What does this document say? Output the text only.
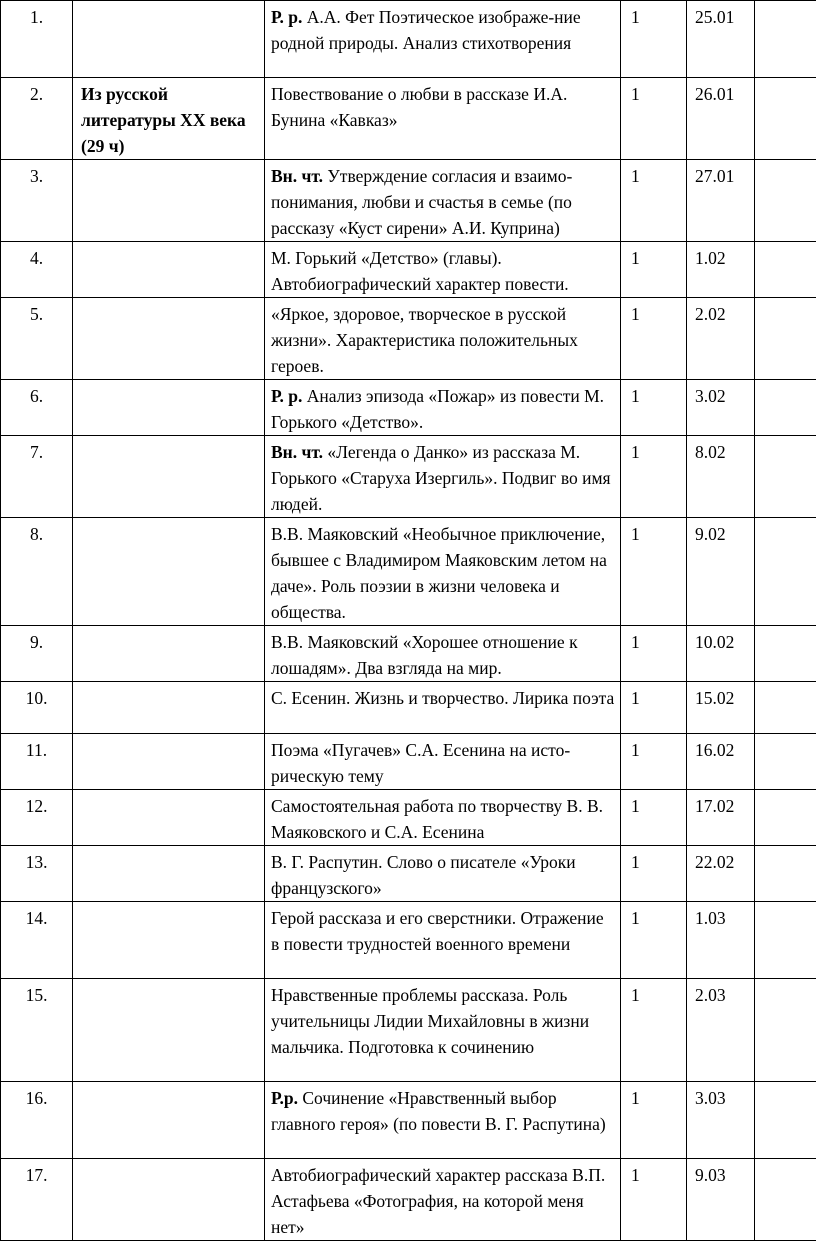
1.		Р. р. А.А. Фет Поэтическое изображе-ние родной природы. Анализ стихотворения	1	25.01	
2.	Из русской литературы XX века (29 ч)	Повествование о любви в рассказе И.А. Бунина «Кавказ»	1	26.01	
3.		Вн. чт. Утверждение согласия и взаимо-понимания, любви и счастья в семье (по рассказу «Куст сирени» А.И. Куприна)	1	27.01	
4.		М. Горький «Детство» (главы). Автобиографический характер повести.	1	1.02	
5.		«Яркое, здоровое, творческое в русской жизни». Характеристика положительных героев.	1	2.02	
6.		Р. р. Анализ эпизода «Пожар» из повести М. Горького «Детство».	1	3.02	
7.		Вн. чт. «Легенда о Данко» из рассказа М. Горького «Старуха Изергиль». Подвиг во имя людей.	1	8.02	
8.		В.В. Маяковский «Необычное приключение, бывшее с Владимиром Маяковским летом на даче». Роль поэзии в жизни человека и общества.	1	9.02	
9.		В.В. Маяковский «Хорошее отношение к лошадям». Два взгляда на мир.	1	10.02	
10.		С. Есенин. Жизнь и творчество. Лирика поэта	1	15.02	
11.		Поэма «Пугачев» С.А. Есенина на исто-рическую тему	1	16.02	
12.		Самостоятельная работа по творчеству В. В. Маяковского и С.А. Есенина	1	17.02	
13.		В. Г. Распутин. Слово о писателе «Уроки французского»	1	22.02	
14.		Герой рассказа и его сверстники. Отражение в повести трудностей военного времени	1	1.03	
15.		Нравственные проблемы рассказа. Роль учительницы Лидии Михайловны в жизни мальчика. Подготовка к сочинению	1	2.03	
16.		Р.р. Сочинение «Нравственный выбор главного героя» (по повести В. Г. Распутина)	1	3.03	
17.		Автобиографический характер рассказа В.П. Астафьева «Фотография, на которой меня нет»	1	9.03	
